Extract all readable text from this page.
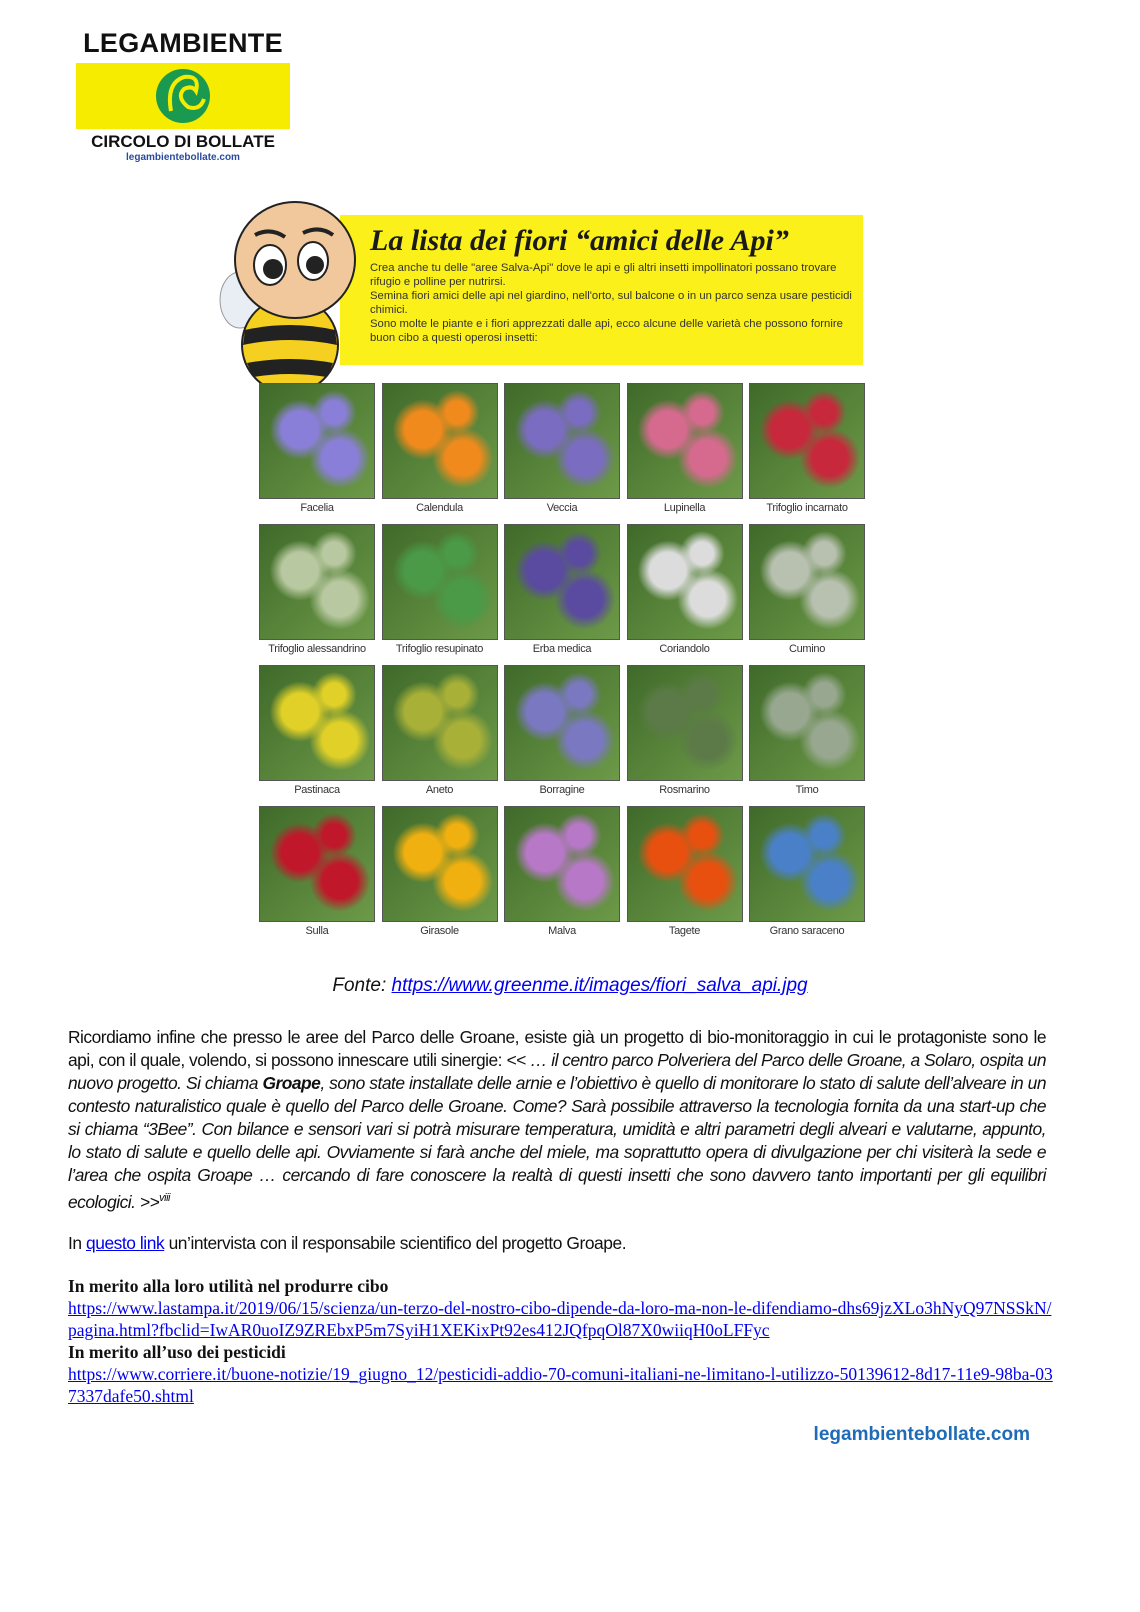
LEGAMBIENTE
CIRCOLO DI BOLLATE
legambientebollate.com
La lista dei fiori “amici delle Api”

Crea anche tu delle "aree Salva-Api" dove le api e gli altri insetti impollinatori possano trovare rifugio e polline per nutrirsi.

Semina fiori amici delle api nel giardino, nell'orto, sul balcone o in un parco senza usare pesticidi chimici.

Sono molte le piante e i fiori apprezzati dalle api, ecco alcune delle varietà che possono fornire buon cibo a questi operosi insetti:

Facelia	Calendula	Veccia	Lupinella	Trifoglio incarnato
Trifoglio alessandrino	Trifoglio resupinato	Erba medica	Coriandolo	Cumino
Pastinaca	Aneto	Borragine	Rosmarino	Timo
Sulla	Girasole	Malva	Tagete	Grano saraceno
Fonte: https://www.greenme.it/images/fiori_salva_api.jpg
Ricordiamo infine che presso le aree del Parco delle Groane, esiste già un progetto di bio-monitoraggio in cui le protagoniste sono le api, con il quale, volendo, si possono innescare utili sinergie: << … il centro parco Polveriera del Parco delle Groane, a Solaro, ospita un nuovo progetto. Si chiama Groape, sono state installate delle arnie e l’obiettivo è quello di monitorare lo stato di salute dell’alveare in un contesto naturalistico quale è quello del Parco delle Groane. Come? Sarà possibile attraverso la tecnologia fornita da una start-up che si chiama “3Bee”. Con bilance e sensori vari si potrà misurare temperatura, umidità e altri parametri degli alveari e valutarne, appunto, lo stato di salute e quello delle api. Ovviamente si farà anche del miele, ma soprattutto opera di divulgazione per chi visiterà la sede e l’area che ospita Groape … cercando di fare conoscere la realtà di questi insetti che sono davvero tanto importanti per gli equilibri ecologici. >>$^{viii}$
In questo link un’intervista con il responsabile scientifico del progetto Groape.
In merito alla loro utilità nel produrre cibo
https://www.lastampa.it/2019/06/15/scienza/un-terzo-del-nostro-cibo-dipende-da-loro-ma-non-le-difendiamo-dhs69jzXLo3hNyQ97NSSkN/pagina.html?fbclid=IwAR0uoIZ9ZREbxP5m7SyiH1XEKixPt92es412JQfpqOl87X0wiiqH0oLFFyc
In merito all’uso dei pesticidi
https://www.corriere.it/buone-notizie/19_giugno_12/pesticidi-addio-70-comuni-italiani-ne-limitano-l-utilizzo-50139612-8d17-11e9-98ba-037337dafe50.shtml
legambientebollate.com
